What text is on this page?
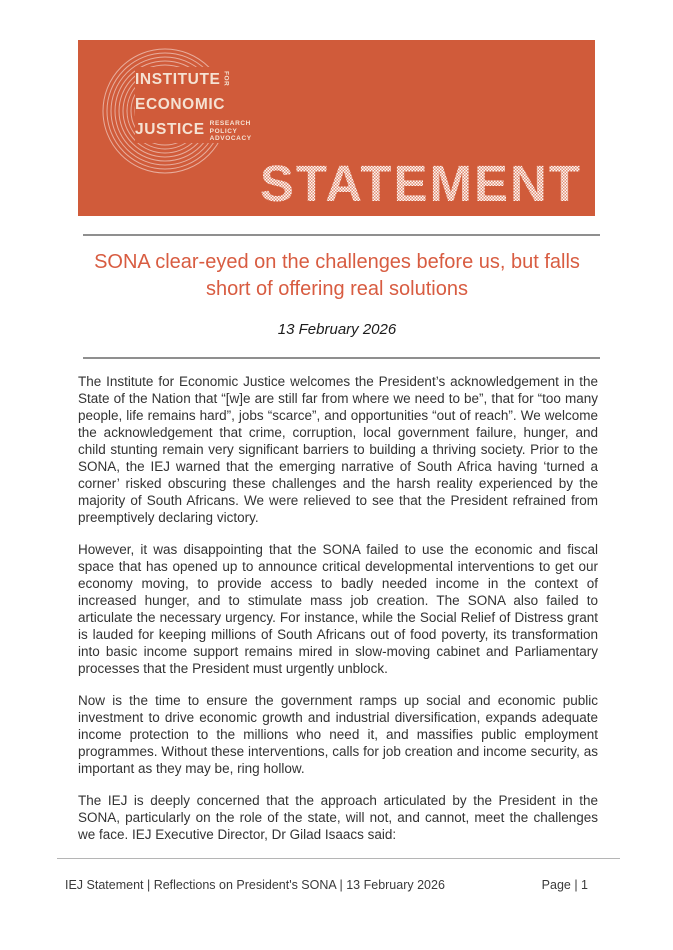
INSTITUTE FOR
ECONOMIC
JUSTICE RESEARCH
POLICY
ADVOCACY
STATEMENT
SONA clear-eyed on the challenges before us, but falls short of offering real solutions
13 February 2026

The Institute for Economic Justice welcomes the President’s acknowledgement in the State of the Nation that “[w]e are still far from where we need to be”, that for “too many people, life remains hard”, jobs “scarce”, and opportunities “out of reach”. We welcome the acknowledgement that crime, corruption, local government failure, hunger, and child stunting remain very significant barriers to building a thriving society. Prior to the SONA, the IEJ warned that the emerging narrative of South Africa having ‘turned a corner’ risked obscuring these challenges and the harsh reality experienced by the majority of South Africans. We were relieved to see that the President refrained from preemptively declaring victory.

However, it was disappointing that the SONA failed to use the economic and fiscal space that has opened up to announce critical developmental interventions to get our economy moving, to provide access to badly needed income in the context of increased hunger, and to stimulate mass job creation. The SONA also failed to articulate the necessary urgency. For instance, while the Social Relief of Distress grant is lauded for keeping millions of South Africans out of food poverty, its transformation into basic income support remains mired in slow-moving cabinet and Parliamentary processes that the President must urgently unblock.

Now is the time to ensure the government ramps up social and economic public investment to drive economic growth and industrial diversification, expands adequate income protection to the millions who need it, and massifies public employment programmes. Without these interventions, calls for job creation and income security, as important as they may be, ring hollow.

The IEJ is deeply concerned that the approach articulated by the President in the SONA, particularly on the role of the state, will not, and cannot, meet the challenges we face. IEJ Executive Director, Dr Gilad Isaacs said:

IEJ Statement | Reflections on President's SONA | 13 February 2026	Page | 1
